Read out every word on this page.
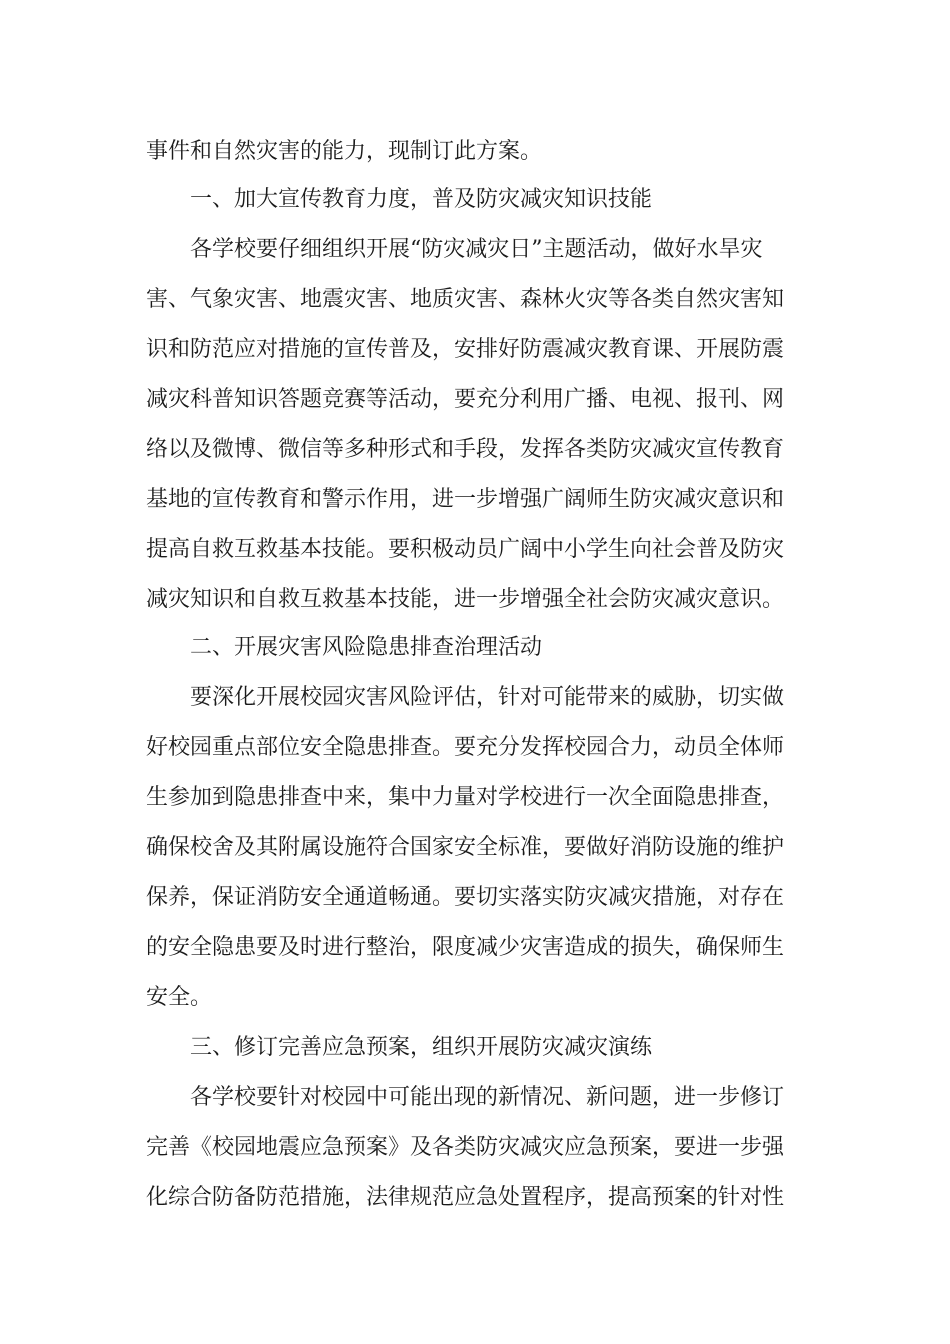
事件和自然灾害的能力，现制订此方案。
一、加大宣传教育力度，普及防灾减灾知识技能
各学校要仔细组织开展“防灾减灾日”主题活动，做好水旱灾
害、气象灾害、地震灾害、地质灾害、森林火灾等各类自然灾害知
识和防范应对措施的宣传普及，安排好防震减灾教育课、开展防震
减灾科普知识答题竞赛等活动，要充分利用广播、电视、报刊、网
络以及微博、微信等多种形式和手段，发挥各类防灾减灾宣传教育
基地的宣传教育和警示作用，进一步增强广阔师生防灾减灾意识和
提高自救互救基本技能。要积极动员广阔中小学生向社会普及防灾
减灾知识和自救互救基本技能，进一步增强全社会防灾减灾意识。
二、开展灾害风险隐患排查治理活动
要深化开展校园灾害风险评估，针对可能带来的威胁，切实做
好校园重点部位安全隐患排查。要充分发挥校园合力，动员全体师
生参加到隐患排查中来，集中力量对学校进行一次全面隐患排查，
确保校舍及其附属设施符合国家安全标准，要做好消防设施的维护
保养，保证消防安全通道畅通。要切实落实防灾减灾措施，对存在
的安全隐患要及时进行整治，限度减少灾害造成的损失，确保师生
安全。
三、修订完善应急预案，组织开展防灾减灾演练
各学校要针对校园中可能出现的新情况、新问题，进一步修订
完善《校园地震应急预案》及各类防灾减灾应急预案，要进一步强
化综合防备防范措施，法律规范应急处置程序，提高预案的针对性
